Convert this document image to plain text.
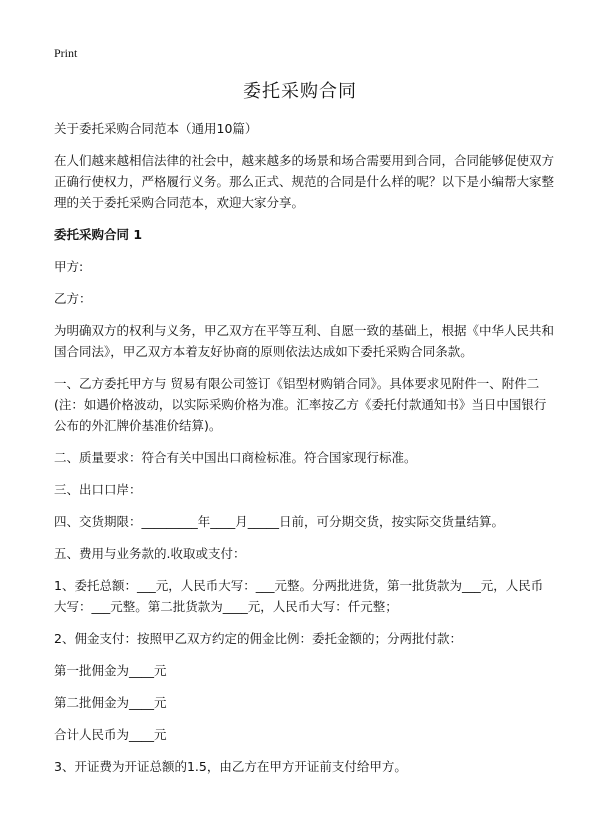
Print
委托采购合同

关于委托采购合同范本（通用10篇）

在人们越来越相信法律的社会中，越来越多的场景和场合需要用到合同，合同能够促使双方正确行使权力，严格履行义务。那么正式、规范的合同是什么样的呢？以下是小编帮大家整理的关于委托采购合同范本，欢迎大家分享。

委托采购合同 1

甲方:

乙方：

为明确双方的权利与义务，甲乙双方在平等互利、自愿一致的基础上，根据《中华人民共和国合同法》，甲乙双方本着友好协商的原则依法达成如下委托采购合同条款。

一、乙方委托甲方与 贸易有限公司签订《铝型材购销合同》。具体要求见附件一、附件二(注：如遇价格波动，以实际采购价格为准。汇率按乙方《委托付款通知书》当日中国银行公布的外汇牌价基准价结算)。

二、质量要求：符合有关中国出口商检标准。符合国家现行标准。

三、出口口岸：

四、交货期限：_________年____月_____日前，可分期交货，按实际交货量结算。

五、费用与业务款的.收取或支付：

1、委托总额：___元，人民币大写：___元整。分两批进货，第一批货款为___元，人民币大写：___元整。第二批货款为____元，人民币大写：仟元整；

2、佣金支付：按照甲乙双方约定的佣金比例：委托金额的；分两批付款：

第一批佣金为____元

第二批佣金为____元

合计人民币为____元

3、开证费为开证总额的1.5，由乙方在甲方开证前支付给甲方。
